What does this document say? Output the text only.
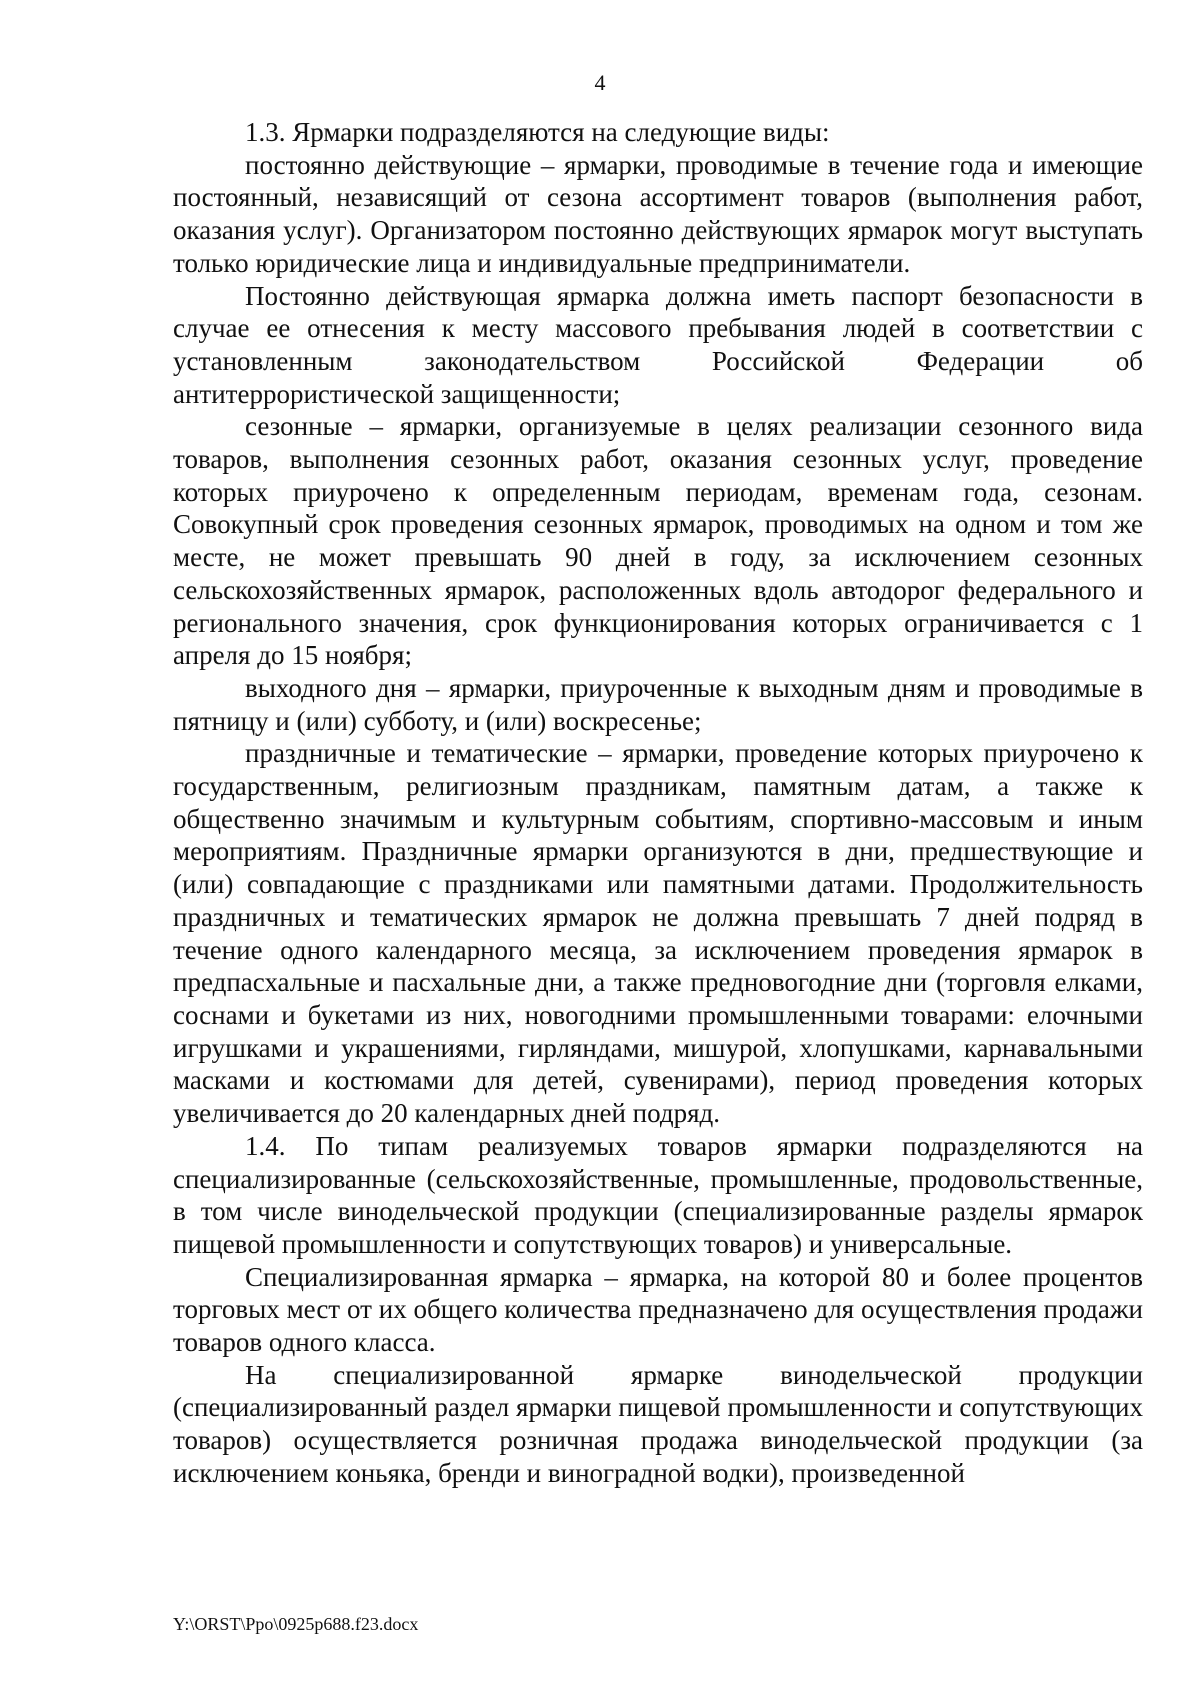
4

1.3. Ярмарки подразделяются на следующие виды:

постоянно действующие – ярмарки, проводимые в течение года и имеющие постоянный, независящий от сезона ассортимент товаров (выполнения работ, оказания услуг). Организатором постоянно действующих ярмарок могут выступать только юридические лица и индивидуальные предприниматели.

Постоянно действующая ярмарка должна иметь паспорт безопасности в случае ее отнесения к месту массового пребывания людей в соответствии с установленным законодательством Российской Федерации об антитеррористической защищенности;

сезонные – ярмарки, организуемые в целях реализации сезонного вида товаров, выполнения сезонных работ, оказания сезонных услуг, проведение которых приурочено к определенным периодам, временам года, сезонам. Совокупный срок проведения сезонных ярмарок, проводимых на одном и том же месте, не может превышать 90 дней в году, за исключением сезонных сельскохозяйственных ярмарок, расположенных вдоль автодорог федерального и регионального значения, срок функционирования которых ограничивается с 1 апреля до 15 ноября;

выходного дня – ярмарки, приуроченные к выходным дням и проводимые в пятницу и (или) субботу, и (или) воскресенье;

праздничные и тематические – ярмарки, проведение которых приурочено к государственным, религиозным праздникам, памятным датам, а также к общественно значимым и культурным событиям, спортивно-массовым и иным мероприятиям. Праздничные ярмарки организуются в дни, предшествующие и (или) совпадающие с праздниками или памятными датами. Продолжительность праздничных и тематических ярмарок не должна превышать 7 дней подряд в течение одного календарного месяца, за исключением проведения ярмарок в предпасхальные и пасхальные дни, а также предновогодние дни (торговля елками, соснами и букетами из них, новогодними промышленными товарами: елочными игрушками и украшениями, гирляндами, мишурой, хлопушками, карнавальными масками и костюмами для детей, сувенирами), период проведения которых увеличивается до 20 календарных дней подряд.

1.4. По типам реализуемых товаров ярмарки подразделяются на специализированные (сельскохозяйственные, промышленные, продовольственные, в том числе винодельческой продукции (специализированные разделы ярмарок пищевой промышленности и сопутствующих товаров) и универсальные.

Специализированная ярмарка – ярмарка, на которой 80 и более процентов торговых мест от их общего количества предназначено для осуществления продажи товаров одного класса.

На специализированной ярмарке винодельческой продукции (специализированный раздел ярмарки пищевой промышленности и сопутствующих товаров) осуществляется розничная продажа винодельческой продукции (за исключением коньяка, бренди и виноградной водки), произведенной

Y:\ORST\Ppo\0925p688.f23.docx
